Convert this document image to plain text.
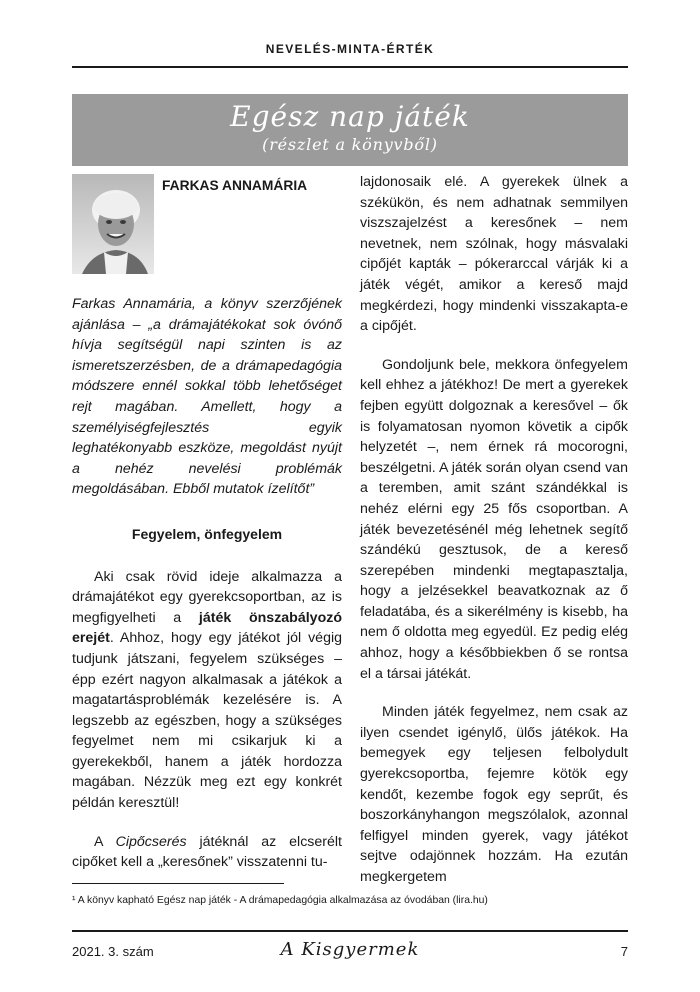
NEVELÉS-MINTA-ÉRTÉK
Egész nap játék
(részlet a könyvből)
FARKAS ANNAMÁRIA

Farkas Annamária, a könyv szerzőjének ajánlása – „a drámajátékokat sok óvónő hívja segítségül napi szinten is az ismeretszerzésben, de a drámapedagógia módszere ennél sokkal több lehetőséget rejt magában. Amellett, hogy a személyiségfejlesztés egyik leghatékonyabb eszköze, megoldást nyújt a nehéz nevelési problémák megoldásában. Ebből mutatok ízelítőt”

Fegyelem, önfegyelem

Aki csak rövid ideje alkalmazza a drámajátékot egy gyerekcsoportban, az is megfigyelheti a játék önszabályozó erejét. Ahhoz, hogy egy játékot jól végig tudjunk játszani, fegyelem szükséges – épp ezért nagyon alkalmasak a játékok a magatartásproblémák kezelésére is. A legszebb az egészben, hogy a szükséges fegyelmet nem mi csikarjuk ki a gyerekekből, hanem a játék hordozza magában. Nézzük meg ezt egy konkrét példán keresztül!

A Cipőcserés játéknál az elcserélt cipőket kell a „keresőnek” visszatenni tu-

lajdonosaik elé. A gyerekek ülnek a székükön, és nem adhatnak semmilyen viszszajelzést a keresőnek – nem nevetnek, nem szólnak, hogy másvalaki cipőjét kapták – pókerarccal várják ki a játék végét, amikor a kereső majd megkérdezi, hogy mindenki visszakapta-e a cipőjét.

Gondoljunk bele, mekkora önfegyelem kell ehhez a játékhoz! De mert a gyerekek fejben együtt dolgoznak a keresővel – ők is folyamatosan nyomon követik a cipők helyzetét –, nem érnek rá mocorogni, beszélgetni. A játék során olyan csend van a teremben, amit szánt szándékkal is nehéz elérni egy 25 fős csoportban. A játék bevezetésénél még lehetnek segítő szándékú gesztusok, de a kereső szerepében mindenki megtapasztalja, hogy a jelzésekkel beavatkoznak az ő feladatába, és a sikerélmény is kisebb, ha nem ő oldotta meg egyedül. Ez pedig elég ahhoz, hogy a későbbiekben ő se rontsa el a társai játékát.

Minden játék fegyelmez, nem csak az ilyen csendet igénylő, ülős játékok. Ha bemegyek egy teljesen felbolydult gyerekcsoportba, fejemre kötök egy kendőt, kezembe fogok egy seprűt, és boszorkányhangon megszólalok, azonnal felfigyel minden gyerek, vagy játékot sejtve odajönnek hozzám. Ha ezután megkergetem

¹ A könyv kapható Egész nap játék - A drámapedagógia alkalmazása az óvodában (lira.hu)
2021. 3. szám	A Kisgyermek	7
